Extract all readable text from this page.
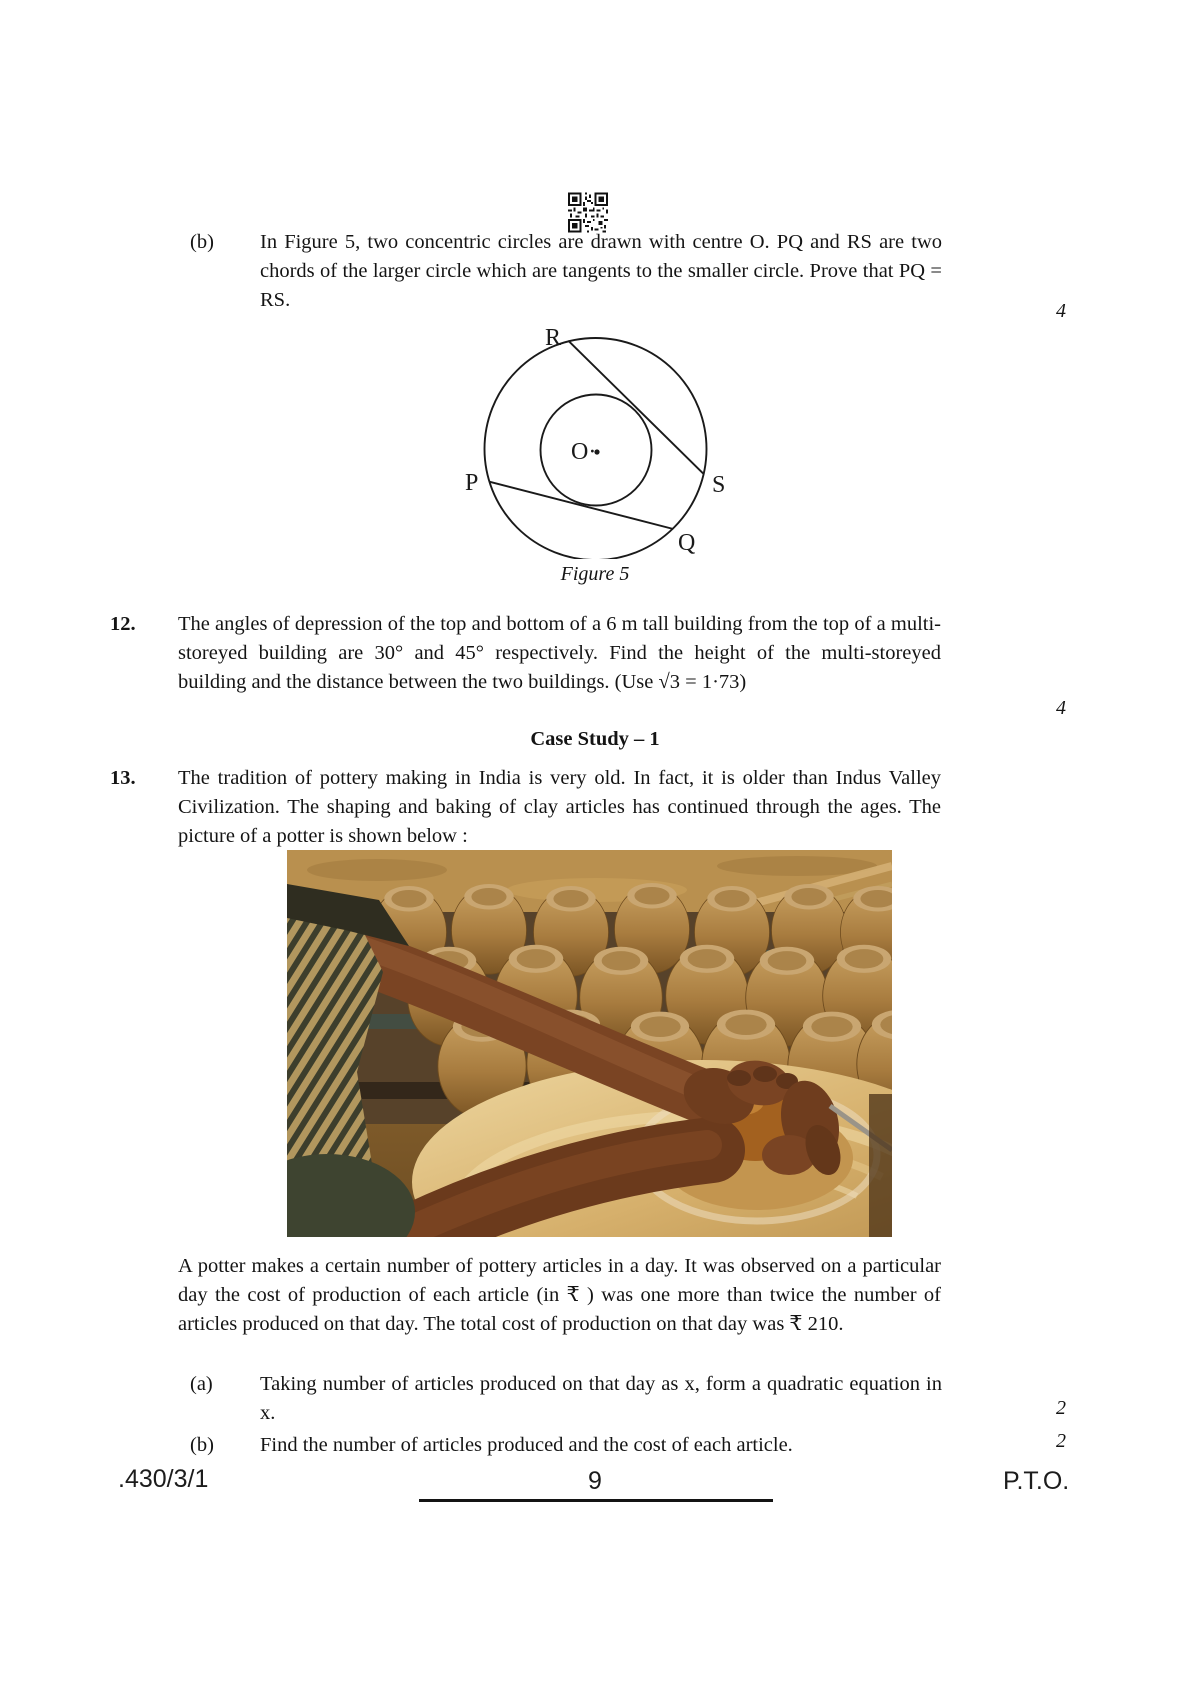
(b) In Figure 5, two concentric circles are drawn with centre O. PQ and RS are two chords of the larger circle which are tangents to the smaller circle. Prove that PQ = RS.	4
R
P	S
Q
O·
Figure 5
12. The angles of depression of the top and bottom of a 6 m tall building from the top of a multi-storeyed building are 30° and 45° respectively. Find the height of the multi-storeyed building and the distance between the two buildings. (Use √3 = 1·73)
4
Case Study – 1
13. The tradition of pottery making in India is very old. In fact, it is older than Indus Valley Civilization. The shaping and baking of clay articles has continued through the ages. The picture of a potter is shown below :
A potter makes a certain number of pottery articles in a day. It was observed on a particular day the cost of production of each article (in ₹ ) was one more than twice the number of articles produced on that day. The total cost of production on that day was ₹ 210.
(a) Taking number of articles produced on that day as x, form a quadratic equation in x.	2
(b) Find the number of articles produced and the cost of each article.	2
.430/3/1	9	P.T.O.
